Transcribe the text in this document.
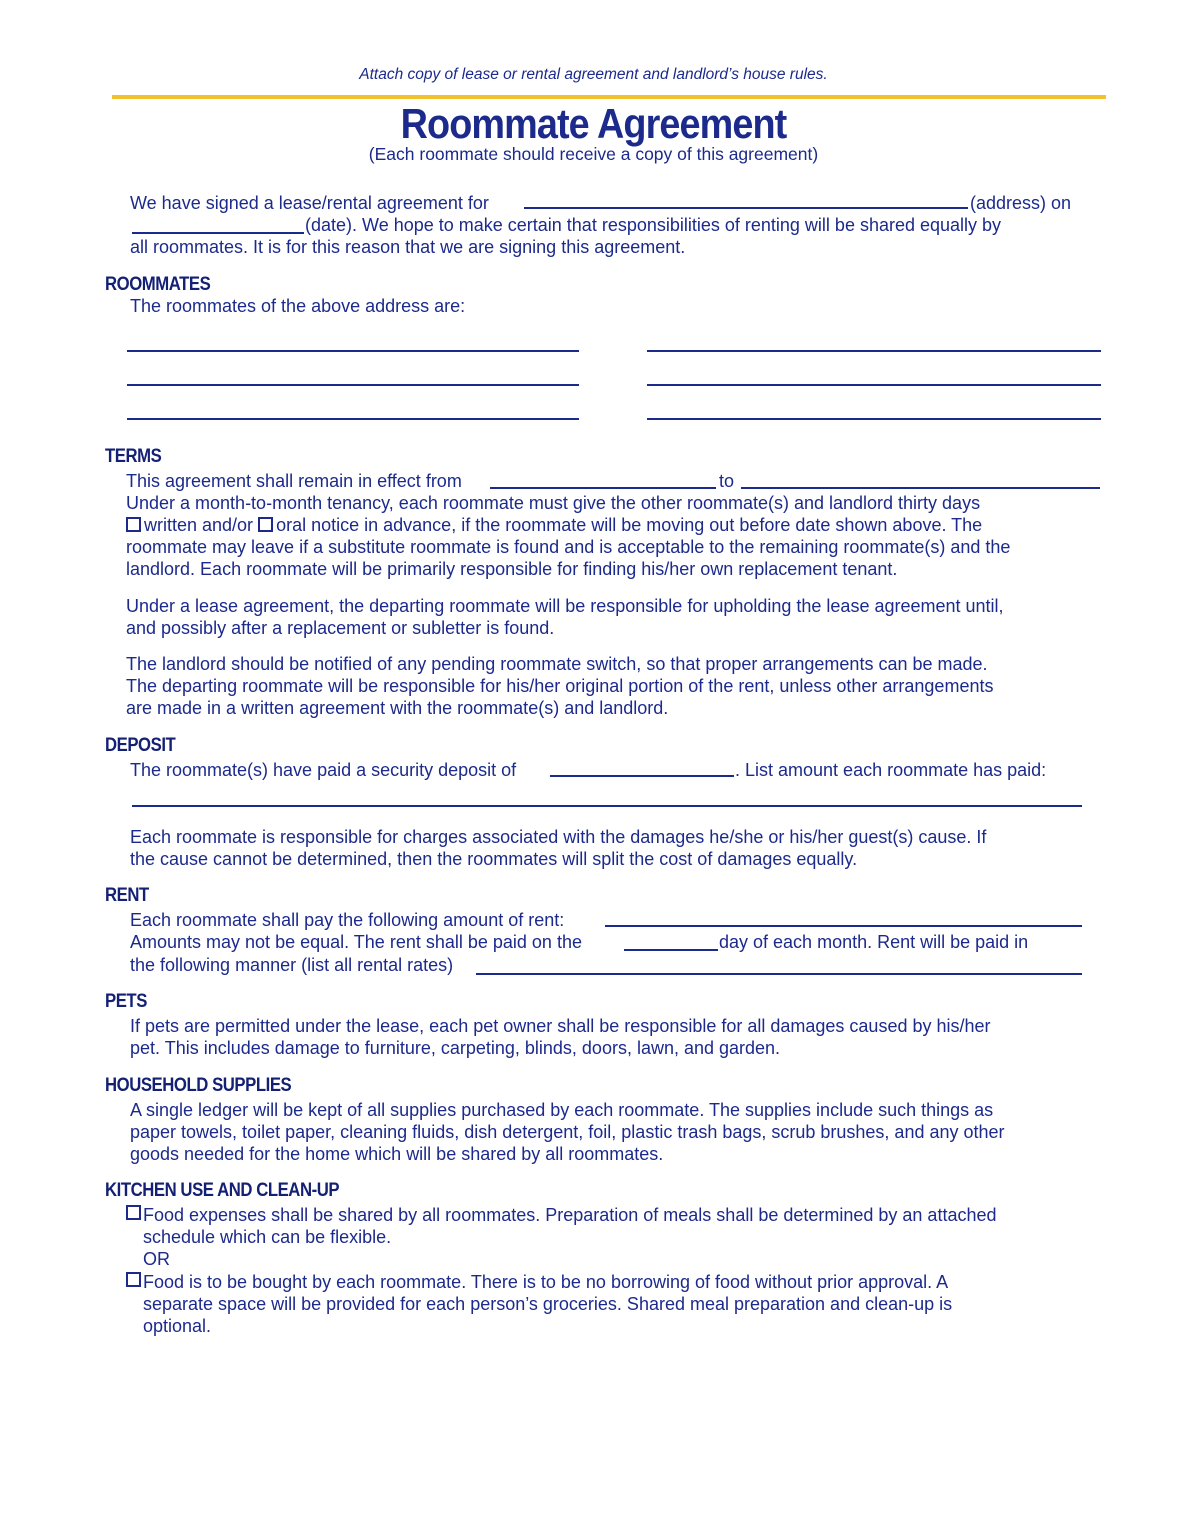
Attach copy of lease or rental agreement and landlord’s house rules.
Roommate Agreement
(Each roommate should receive a copy of this agreement)
We have signed a lease/rental agreement for	(address) on
(date). We hope to make certain that responsibilities of renting will be shared equally by
all roommates. It is for this reason that we are signing this agreement.
ROOMMATES
The roommates of the above address are:
TERMS
This agreement shall remain in effect from	to
Under a month-to-month tenancy, each roommate must give the other roommate(s) and landlord thirty days
written and/or oral notice in advance, if the roommate will be moving out before date shown above. The
roommate may leave if a substitute roommate is found and is acceptable to the remaining roommate(s) and the
landlord. Each roommate will be primarily responsible for finding his/her own replacement tenant.
Under a lease agreement, the departing roommate will be responsible for upholding the lease agreement until,
and possibly after a replacement or subletter is found.
The landlord should be notified of any pending roommate switch, so that proper arrangements can be made.
The departing roommate will be responsible for his/her original portion of the rent, unless other arrangements
are made in a written agreement with the roommate(s) and landlord.
DEPOSIT
The roommate(s) have paid a security deposit of	. List amount each roommate has paid:
Each roommate is responsible for charges associated with the damages he/she or his/her guest(s) cause. If
the cause cannot be determined, then the roommates will split the cost of damages equally.
RENT
Each roommate shall pay the following amount of rent:
Amounts may not be equal. The rent shall be paid on the	day of each month. Rent will be paid in
the following manner (list all rental rates)
PETS
If pets are permitted under the lease, each pet owner shall be responsible for all damages caused by his/her
pet. This includes damage to furniture, carpeting, blinds, doors, lawn, and garden.
HOUSEHOLD SUPPLIES
A single ledger will be kept of all supplies purchased by each roommate. The supplies include such things as
paper towels, toilet paper, cleaning fluids, dish detergent, foil, plastic trash bags, scrub brushes, and any other
goods needed for the home which will be shared by all roommates.
KITCHEN USE AND CLEAN-UP
Food expenses shall be shared by all roommates. Preparation of meals shall be determined by an attached
schedule which can be flexible.
OR
Food is to be bought by each roommate. There is to be no borrowing of food without prior approval. A
separate space will be provided for each person’s groceries. Shared meal preparation and clean-up is
optional.
